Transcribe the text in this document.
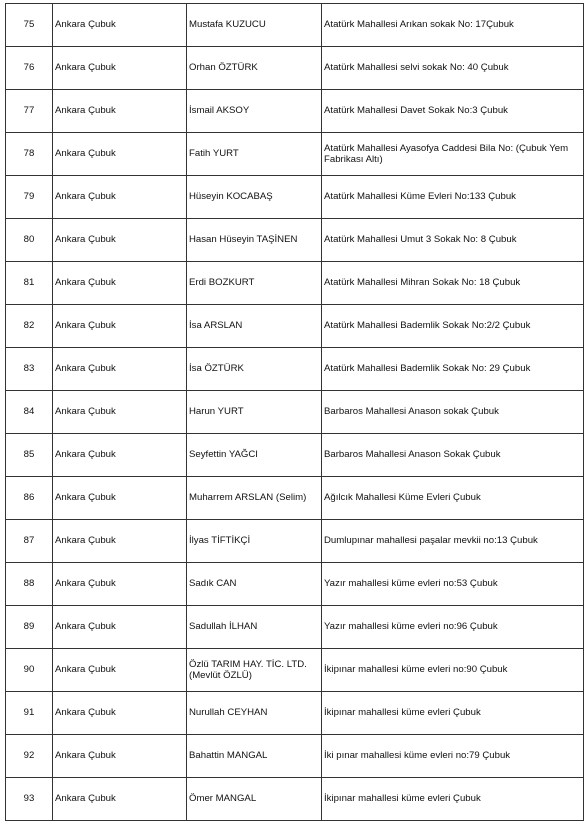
75	Ankara Çubuk	Mustafa KUZUCU	Atatürk Mahallesi Arıkan sokak No: 17Çubuk
76	Ankara Çubuk	Orhan ÖZTÜRK	Atatürk Mahallesi selvi sokak No: 40 Çubuk
77	Ankara Çubuk	İsmail AKSOY	Atatürk Mahallesi Davet Sokak No:3 Çubuk
78	Ankara Çubuk	Fatih YURT	Atatürk Mahallesi Ayasofya Caddesi Bila No: (Çubuk Yem Fabrikası Altı)
79	Ankara Çubuk	Hüseyin KOCABAŞ	Atatürk Mahallesi Küme Evleri No:133 Çubuk
80	Ankara Çubuk	Hasan Hüseyin TAŞİNEN	Atatürk Mahallesi Umut 3 Sokak No: 8 Çubuk
81	Ankara Çubuk	Erdi BOZKURT	Atatürk Mahallesi Mihran Sokak No: 18 Çubuk
82	Ankara Çubuk	İsa ARSLAN	Atatürk Mahallesi Bademlik Sokak No:2/2 Çubuk
83	Ankara Çubuk	İsa ÖZTÜRK	Atatürk Mahallesi Bademlik Sokak No: 29 Çubuk
84	Ankara Çubuk	Harun YURT	Barbaros Mahallesi Anason sokak Çubuk
85	Ankara Çubuk	Seyfettin YAĞCI	Barbaros Mahallesi Anason Sokak Çubuk
86	Ankara Çubuk	Muharrem ARSLAN (Selim)	Ağılcık Mahallesi Küme Evleri Çubuk
87	Ankara Çubuk	İlyas TİFTİKÇİ	Dumlupınar mahallesi paşalar mevkii no:13 Çubuk
88	Ankara Çubuk	Sadık CAN	Yazır mahallesi küme evleri no:53 Çubuk
89	Ankara Çubuk	Sadullah İLHAN	Yazır mahallesi küme evleri no:96 Çubuk
90	Ankara Çubuk	Özlü TARIM HAY. TİC. LTD. (Mevlüt ÖZLÜ)	İkipınar mahallesi küme evleri no:90 Çubuk
91	Ankara Çubuk	Nurullah CEYHAN	İkipınar mahallesi küme evleri Çubuk
92	Ankara Çubuk	Bahattin MANGAL	İki pınar mahallesi küme evleri no:79 Çubuk
93	Ankara Çubuk	Ömer MANGAL	İkipınar mahallesi küme evleri Çubuk
